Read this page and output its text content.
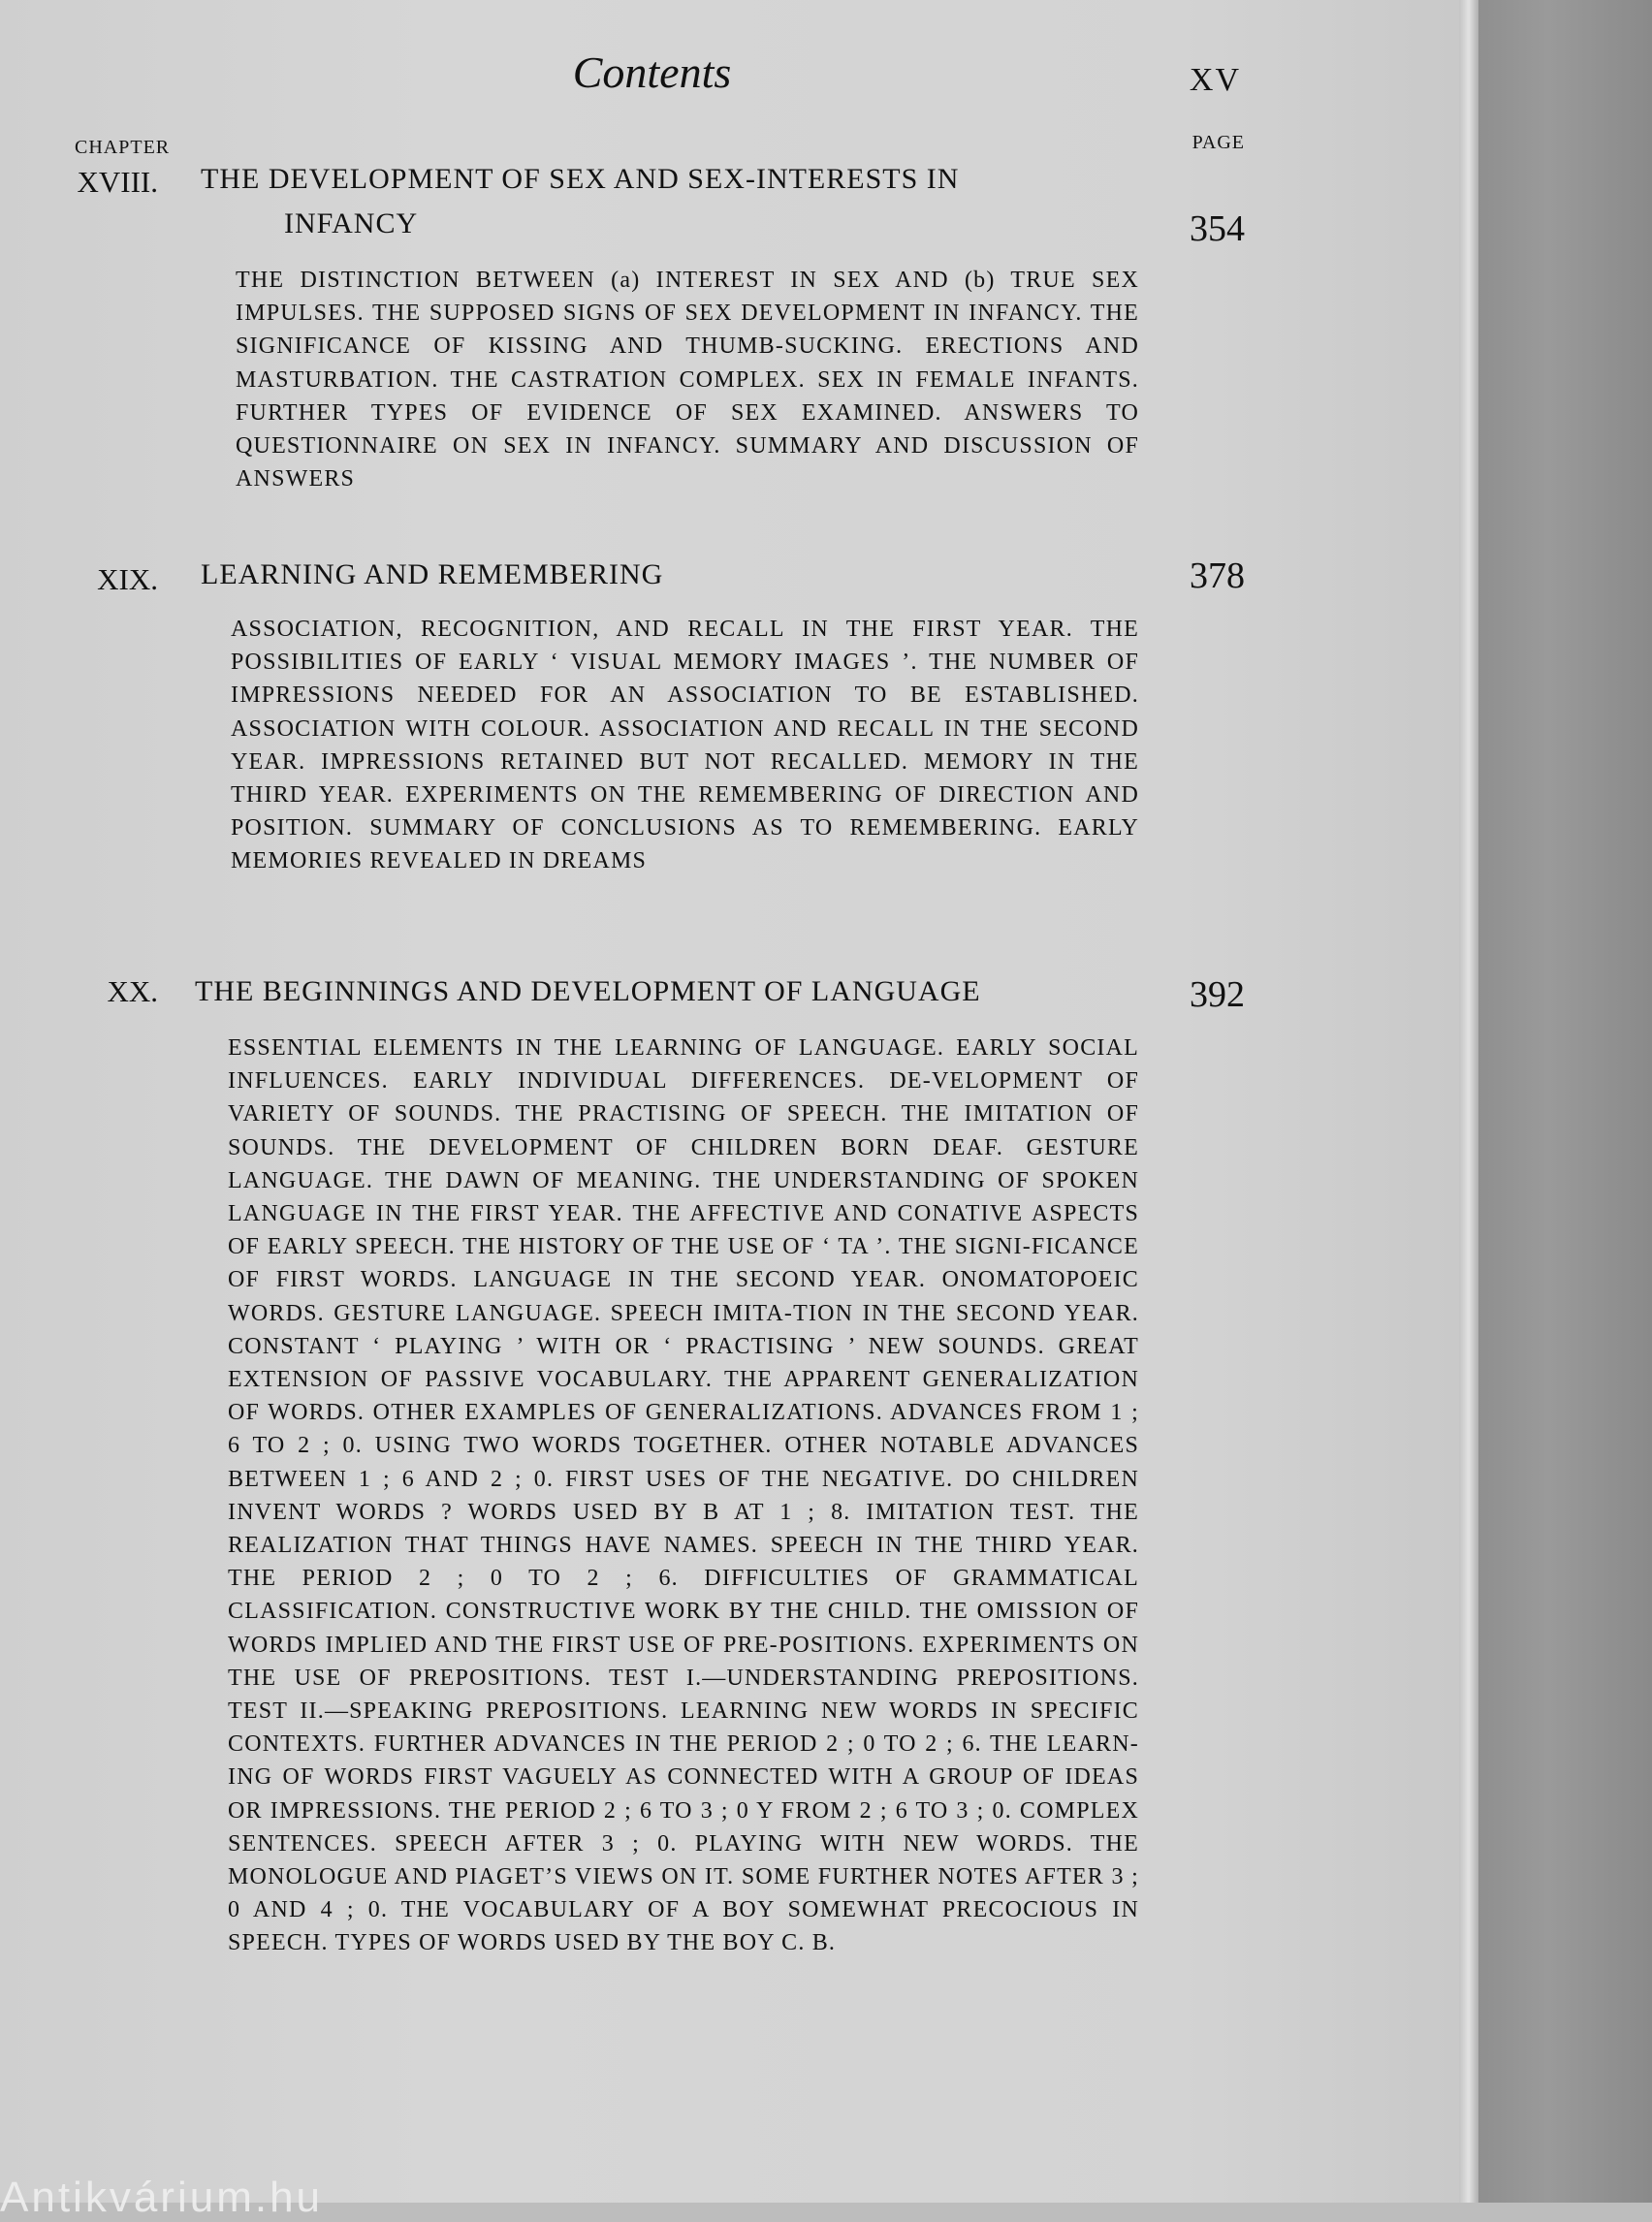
Contents	XV
CHAPTER	PAGE
XVIII. THE DEVELOPMENT OF SEX AND SEX-INTERESTS IN
INFANCY	354
THE DISTINCTION BETWEEN (a) INTEREST IN SEX AND (b) TRUE SEX IMPULSES. THE SUPPOSED SIGNS OF SEX DEVELOPMENT IN INFANCY. THE SIGNIFICANCE OF KISSING AND THUMB-SUCKING. ERECTIONS AND MASTURBATION. THE CASTRATION COMPLEX. SEX IN FEMALE INFANTS. FURTHER TYPES OF EVIDENCE OF SEX EXAMINED. ANSWERS TO QUESTIONNAIRE ON SEX IN INFANCY. SUMMARY AND DISCUSSION OF ANSWERS
XIX. LEARNING AND REMEMBERING	378
ASSOCIATION, RECOGNITION, AND RECALL IN THE FIRST YEAR. THE POSSIBILITIES OF EARLY ‘ VISUAL MEMORY IMAGES ’. THE NUMBER OF IMPRESSIONS NEEDED FOR AN ASSOCIATION TO BE ESTABLISHED. ASSOCIATION WITH COLOUR. ASSOCIATION AND RECALL IN THE SECOND YEAR. IMPRESSIONS RETAINED BUT NOT RECALLED. MEMORY IN THE THIRD YEAR. EXPERIMENTS ON THE REMEMBERING OF DIRECTION AND POSITION. SUMMARY OF CONCLUSIONS AS TO REMEMBERING. EARLY MEMORIES REVEALED IN DREAMS
XX. THE BEGINNINGS AND DEVELOPMENT OF LANGUAGE	392
ESSENTIAL ELEMENTS IN THE LEARNING OF LANGUAGE. EARLY SOCIAL INFLUENCES. EARLY INDIVIDUAL DIFFERENCES. DE-VELOPMENT OF VARIETY OF SOUNDS. THE PRACTISING OF SPEECH. THE IMITATION OF SOUNDS. THE DEVELOPMENT OF CHILDREN BORN DEAF. GESTURE LANGUAGE. THE DAWN OF MEANING. THE UNDERSTANDING OF SPOKEN LANGUAGE IN THE FIRST YEAR. THE AFFECTIVE AND CONATIVE ASPECTS OF EARLY SPEECH. THE HISTORY OF THE USE OF ‘ TA ’. THE SIGNI-FICANCE OF FIRST WORDS. LANGUAGE IN THE SECOND YEAR. ONOMATOPOEIC WORDS. GESTURE LANGUAGE. SPEECH IMITA-TION IN THE SECOND YEAR. CONSTANT ‘ PLAYING ’ WITH OR ‘ PRACTISING ’ NEW SOUNDS. GREAT EXTENSION OF PASSIVE VOCABULARY. THE APPARENT GENERALIZATION OF WORDS. OTHER EXAMPLES OF GENERALIZATIONS. ADVANCES FROM 1 ; 6 TO 2 ; 0. USING TWO WORDS TOGETHER. OTHER NOTABLE ADVANCES BETWEEN 1 ; 6 AND 2 ; 0. FIRST USES OF THE NEGATIVE. DO CHILDREN INVENT WORDS ? WORDS USED BY B AT 1 ; 8. IMITATION TEST. THE REALIZATION THAT THINGS HAVE NAMES. SPEECH IN THE THIRD YEAR. THE PERIOD 2 ; 0 TO 2 ; 6. DIFFICULTIES OF GRAMMATICAL CLASSIFICATION. CONSTRUCTIVE WORK BY THE CHILD. THE OMISSION OF WORDS IMPLIED AND THE FIRST USE OF PRE-POSITIONS. EXPERIMENTS ON THE USE OF PREPOSITIONS. TEST I.—UNDERSTANDING PREPOSITIONS. TEST II.—SPEAKING PREPOSITIONS. LEARNING NEW WORDS IN SPECIFIC CONTEXTS. FURTHER ADVANCES IN THE PERIOD 2 ; 0 TO 2 ; 6. THE LEARN-ING OF WORDS FIRST VAGUELY AS CONNECTED WITH A GROUP OF IDEAS OR IMPRESSIONS. THE PERIOD 2 ; 6 TO 3 ; 0 Y FROM 2 ; 6 TO 3 ; 0. COMPLEX SENTENCES. SPEECH AFTER 3 ; 0. PLAYING WITH NEW WORDS. THE MONOLOGUE AND PIAGET’S VIEWS ON IT. SOME FURTHER NOTES AFTER 3 ; 0 AND 4 ; 0. THE VOCABULARY OF A BOY SOMEWHAT PRECOCIOUS IN SPEECH. TYPES OF WORDS USED BY THE BOY C. B.
Antikvárium.hu
